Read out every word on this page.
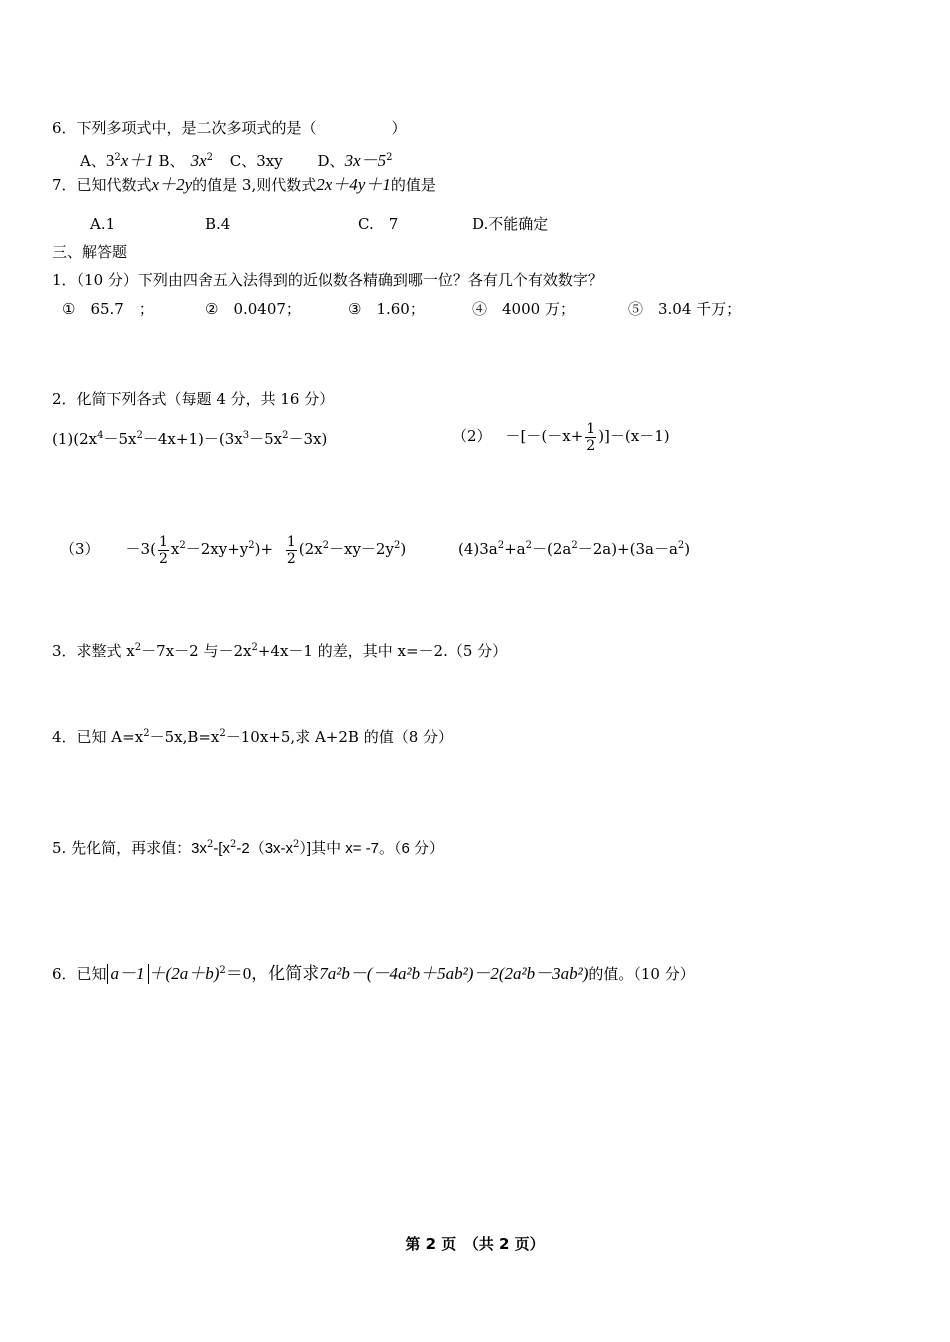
6．下列多项式中，是二次多项式的是（　　　　　）
A、$3^2x+1$ B、 $3x^2$ C、3xy D、$3x-5^2$
7．已知代数式x＋2y的值是 3,则代数式2x＋4y＋1的值是
A.1	B.4	C.　7	D.不能确定
三、解答题
1．（10 分）下列由四舍五入法得到的近似数各精确到哪一位？各有几个有效数字？
①　65.7　；	②　0.0407；	③　1.60；	④　4000 万；	⑤　3.04 千万；
2．化简下列各式（每题 4 分，共 16 分）
$(1)(2x^4-5x^2-4x+1)-(3x^3-5x^2-3x)$	$(2) -[-(-x+ \frac{1}{2} )]-(x-1)$
$(3) -3( \frac{1}{2} x^2-2xy+y^2)+ \frac{1}{2} (2x^2-xy-2y^2)$	$(4)3a^2+a^2-(2a^2-2a)+(3a-a^2)$
3．求整式 $x^2-7x-2$ 与$-2x^2+4x-1$ 的差，其中 x=－2.（5 分）
4．已知 $A=x^2-5x,B=x^2-10x+5$,求 A+2B 的值（8 分）
5. 先化简，再求值：$3x^2-[x^2-2(3x-x^2)]$其中 x= -7。（6 分）
6．已知 $a-1 +(2a+b)^2=0$，化简求7a²b－(－4a²b＋5ab²)－2(2a²b－3ab²)的值。（10 分）
第 2 页　（共 2 页）
